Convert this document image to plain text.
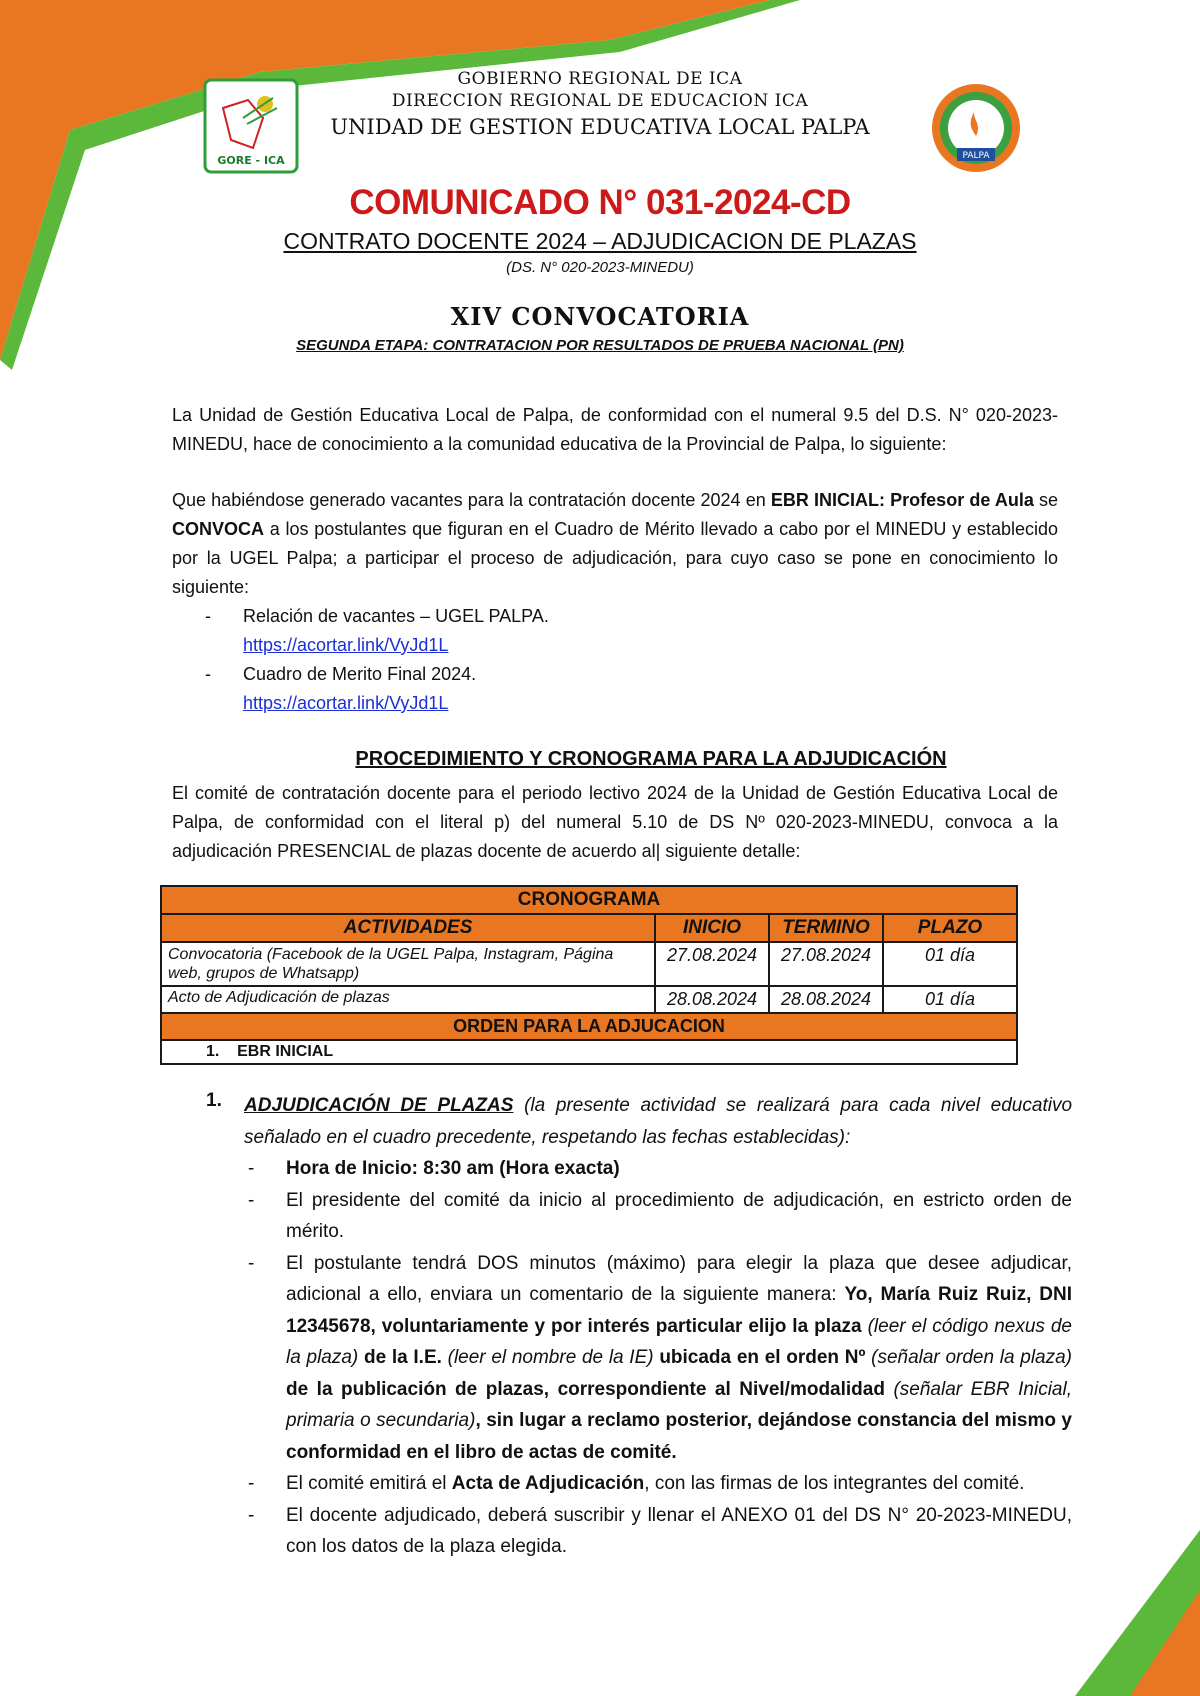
GORE - ICA	PALPA
GOBIERNO REGIONAL DE ICA
DIRECCION REGIONAL DE EDUCACION ICA
UNIDAD DE GESTION EDUCATIVA LOCAL PALPA
COMUNICADO N° 031-2024-CD
CONTRATO DOCENTE 2024 – ADJUDICACION DE PLAZAS
(DS. N° 020-2023-MINEDU)
XIV CONVOCATORIA
SEGUNDA ETAPA: CONTRATACION POR RESULTADOS DE PRUEBA NACIONAL (PN)
La Unidad de Gestión Educativa Local de Palpa, de conformidad con el numeral 9.5 del D.S. N° 020-2023-MINEDU, hace de conocimiento a la comunidad educativa de la Provincial de Palpa, lo siguiente:
Que habiéndose generado vacantes para la contratación docente 2024 en EBR INICIAL: Profesor de Aula se CONVOCA a los postulantes que figuran en el Cuadro de Mérito llevado a cabo por el MINEDU y establecido por la UGEL Palpa; a participar el proceso de adjudicación, para cuyo caso se pone en conocimiento lo siguiente:
- Relación de vacantes – UGEL PALPA.
https://acortar.link/VyJd1L
- Cuadro de Merito Final 2024.
https://acortar.link/VyJd1L
PROCEDIMIENTO Y CRONOGRAMA PARA LA ADJUDICACIÓN
El comité de contratación docente para el periodo lectivo 2024 de la Unidad de Gestión Educativa Local de Palpa, de conformidad con el literal p) del numeral 5.10 de DS Nº 020-2023-MINEDU, convoca a la adjudicación PRESENCIAL de plazas docente de acuerdo al| siguiente detalle:
CRONOGRAMA			
ACTIVIDADES	INICIO	TERMINO	PLAZO
Convocatoria (Facebook de la UGEL Palpa, Instagram, Página web, grupos de Whatsapp)	27.08.2024	27.08.2024	01 día
Acto de Adjudicación de plazas	28.08.2024	28.08.2024	01 día
ORDEN PARA LA ADJUCACION			
1. EBR INICIAL			
1. ADJUDICACIÓN DE PLAZAS (la presente actividad se realizará para cada nivel educativo señalado en el cuadro precedente, respetando las fechas establecidas):
- Hora de Inicio: 8:30 am (Hora exacta)
- El presidente del comité da inicio al procedimiento de adjudicación, en estricto orden de mérito.
- El postulante tendrá DOS minutos (máximo) para elegir la plaza que desee adjudicar, adicional a ello, enviara un comentario de la siguiente manera: Yo, María Ruiz Ruiz, DNI 12345678, voluntariamente y por interés particular elijo la plaza (leer el código nexus de la plaza) de la I.E. (leer el nombre de la IE) ubicada en el orden Nº (señalar orden la plaza) de la publicación de plazas, correspondiente al Nivel/modalidad (señalar EBR Inicial, primaria o secundaria), sin lugar a reclamo posterior, dejándose constancia del mismo y conformidad en el libro de actas de comité.
- El comité emitirá el Acta de Adjudicación, con las firmas de los integrantes del comité.
- El docente adjudicado, deberá suscribir y llenar el ANEXO 01 del DS N° 20-2023-MINEDU, con los datos de la plaza elegida.
